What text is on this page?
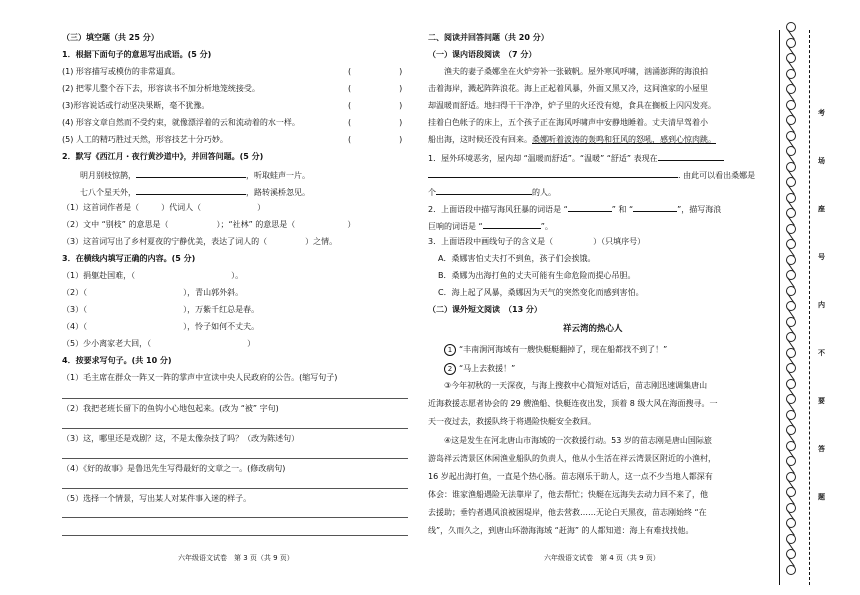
（三）填空题（共 25 分）
1．根据下面句子的意思写出成语。(5 分)
(1) 形容描写或模仿的非常逼真。	(　　　　　　)
(2) 把零儿整个吞下去，形容读书不加分析地笼统接受。	(　　　　　　)
(3)形容说话或行动坚决果断，毫不犹豫。	(　　　　　　)
(4) 形容文章自然而不受约束，就像漂浮着的云和流动着的水一样。	(　　　　　　)
(5) 人工的精巧胜过天然，形容技艺十分巧妙。	(　　　　　　)
2．默写《西江月・夜行黄沙道中》，并回答问题。(5 分)
明月别枝惊鹊，	，听取蛙声一片。
七八个星天外，	，路转溪桥忽见。
（1）这首词作者是（	）代词人（	）
（2）文中 “别枝” 的意思是（	）；“社林” 的意思是（	）
（3）这首词写出了乡村夏夜的宁静优美，表达了词人的（	）之情。
3．在横线内填写正确的内容。(5 分)
（1）捐躯赴国难，（	）。
（2）（	），青山郭外斜。
（3）（	），万紫千红总是春。
（4）（	），怜子如何不丈夫。
（5）少小离家老大回，（	）
4．按要求写句子。(共 10 分)
（1）毛主席在群众一阵又一阵的掌声中宣读中央人民政府的公告。(缩写句子)
（2）我把老班长留下的鱼钩小心地包起来。(改为 “被” 字句)
（3）这，哪里还是戏剧？这，不是太像杂技了吗？（改为陈述句）
（4）《好的故事》是鲁迅先生写得最好的文章之一。(修改病句)
（5）选择一个情景，写出某人对某件事入迷的样子。
六年级语文试卷　第 3 页（共 9 页）
二、阅读并回答问题（共 20 分）
（一）课内语段阅读　（7 分）
渔夫的妻子桑娜坐在火炉旁补一张破帆。屋外寒风呼啸，汹涌澎湃的海浪拍
击着海岸，溅起阵阵浪花。海上正起着风暴，外面又黑又冷，这间渔家的小屋里
却温暖而舒适。地扫得干干净净，炉子里的火还没有熄，食具在搁板上闪闪发亮。
挂着白色帐子的床上，五个孩子正在海风呼啸声中安静地睡着。丈夫清早驾着小
船出海，这时候还没有回来。桑娜听着波涛的轰鸣和狂风的怒吼，感到心惊肉跳。
1．屋外环境恶劣，屋内却 “温暖而舒适”。“温暖” “舒适” 表现在
. 由此可以看出桑娜是
个	的人。
2．上面语段中描写海风狂暴的词语是 “	” 和 “	”，描写海浪
巨响的词语是 “	”。
3．上面语段中画线句子的含义是（	）（只填序号）
A．桑娜害怕丈夫打不到鱼，孩子们会挨饿。
B．桑娜为出海打鱼的丈夫可能有生命危险而提心吊胆。
C．海上起了风暴，桑娜因为天气的突然变化而感到害怕。
（二）课外短文阅读　（13 分）
祥云湾的热心人
1 “丰南涧河海域有一艘快艇艇翻掉了，现在船都找不到了！”
2 “马上去救援！”
③今年初秋的一天深夜，与海上搜救中心简短对话后，苗志刚迅速调集唐山
近海救援志愿者协会的 29 艘渔船、快艇连夜出发，顶着 8 级大风在海面搜寻。一
天一夜过去，救援队终于将遇险快艇安全救回。
④这是发生在河北唐山市海域的一次救援行动。53 岁的苗志刚是唐山国际旅
游岛祥云湾景区休闲渔业船队的负责人，他从小生活在祥云湾景区附近的小渔村，
16 岁起出海打鱼，一直是个热心肠。苗志刚乐于助人，这一点不少当地人都深有
体会：谁家渔船遇险无法靠岸了，他去帮忙；快艇在远海失去动力回不来了，他
去援助；垂钓者遇风浪被困堤岸，他去营救……无论白天黑夜，苗志刚始终 “在
线”，久而久之，到唐山环渤海海域 “赶海” 的人都知道：海上有难找找他。
六年级语文试卷　第 4 页（共 9 页）
考
场
座
号
内
不
要
答
题
